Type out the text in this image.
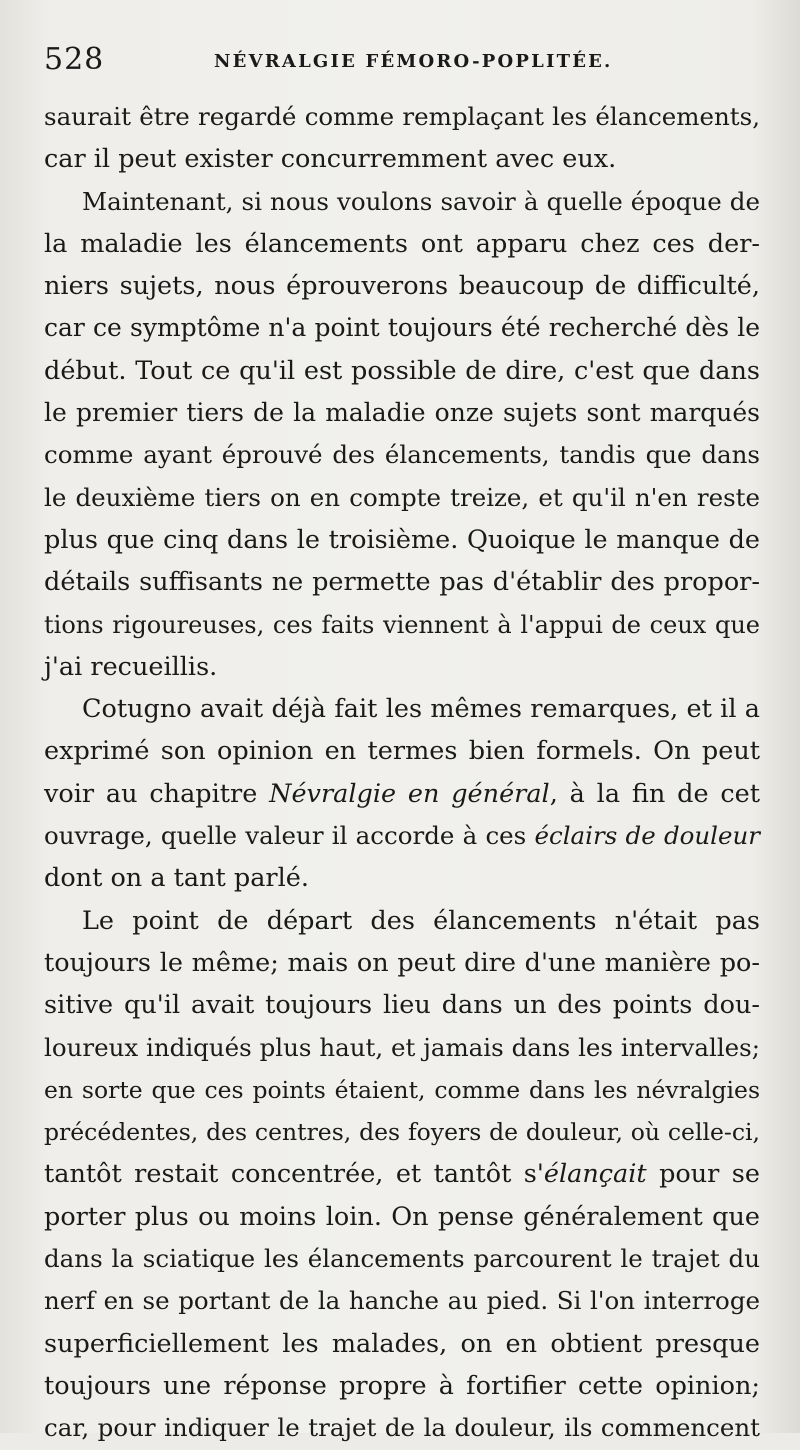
528	NÉVRALGIE FÉMORO-POPLITÉE.
saurait être regardé comme remplaçant les élancements,
car il peut exister concurremment avec eux.
Maintenant, si nous voulons savoir à quelle époque de
la maladie les élancements ont apparu chez ces der-
niers sujets, nous éprouverons beaucoup de difficulté,
car ce symptôme n'a point toujours été recherché dès le
début. Tout ce qu'il est possible de dire, c'est que dans
le premier tiers de la maladie onze sujets sont marqués
comme ayant éprouvé des élancements, tandis que dans
le deuxième tiers on en compte treize, et qu'il n'en reste
plus que cinq dans le troisième. Quoique le manque de
détails suffisants ne permette pas d'établir des propor-
tions rigoureuses, ces faits viennent à l'appui de ceux que
j'ai recueillis.
Cotugno avait déjà fait les mêmes remarques, et il a
exprimé son opinion en termes bien formels. On peut
voir au chapitre Névralgie en général, à la fin de cet
ouvrage, quelle valeur il accorde à ces éclairs de douleur
dont on a tant parlé.
Le point de départ des élancements n'était pas
toujours le même; mais on peut dire d'une manière po-
sitive qu'il avait toujours lieu dans un des points dou-
loureux indiqués plus haut, et jamais dans les intervalles;
en sorte que ces points étaient, comme dans les névralgies
précédentes, des centres, des foyers de douleur, où celle-ci,
tantôt restait concentrée, et tantôt s'élançait pour se
porter plus ou moins loin. On pense généralement que
dans la sciatique les élancements parcourent le trajet du
nerf en se portant de la hanche au pied. Si l'on interroge
superficiellement les malades, on en obtient presque
toujours une réponse propre à fortifier cette opinion;
car, pour indiquer le trajet de la douleur, ils commencent
